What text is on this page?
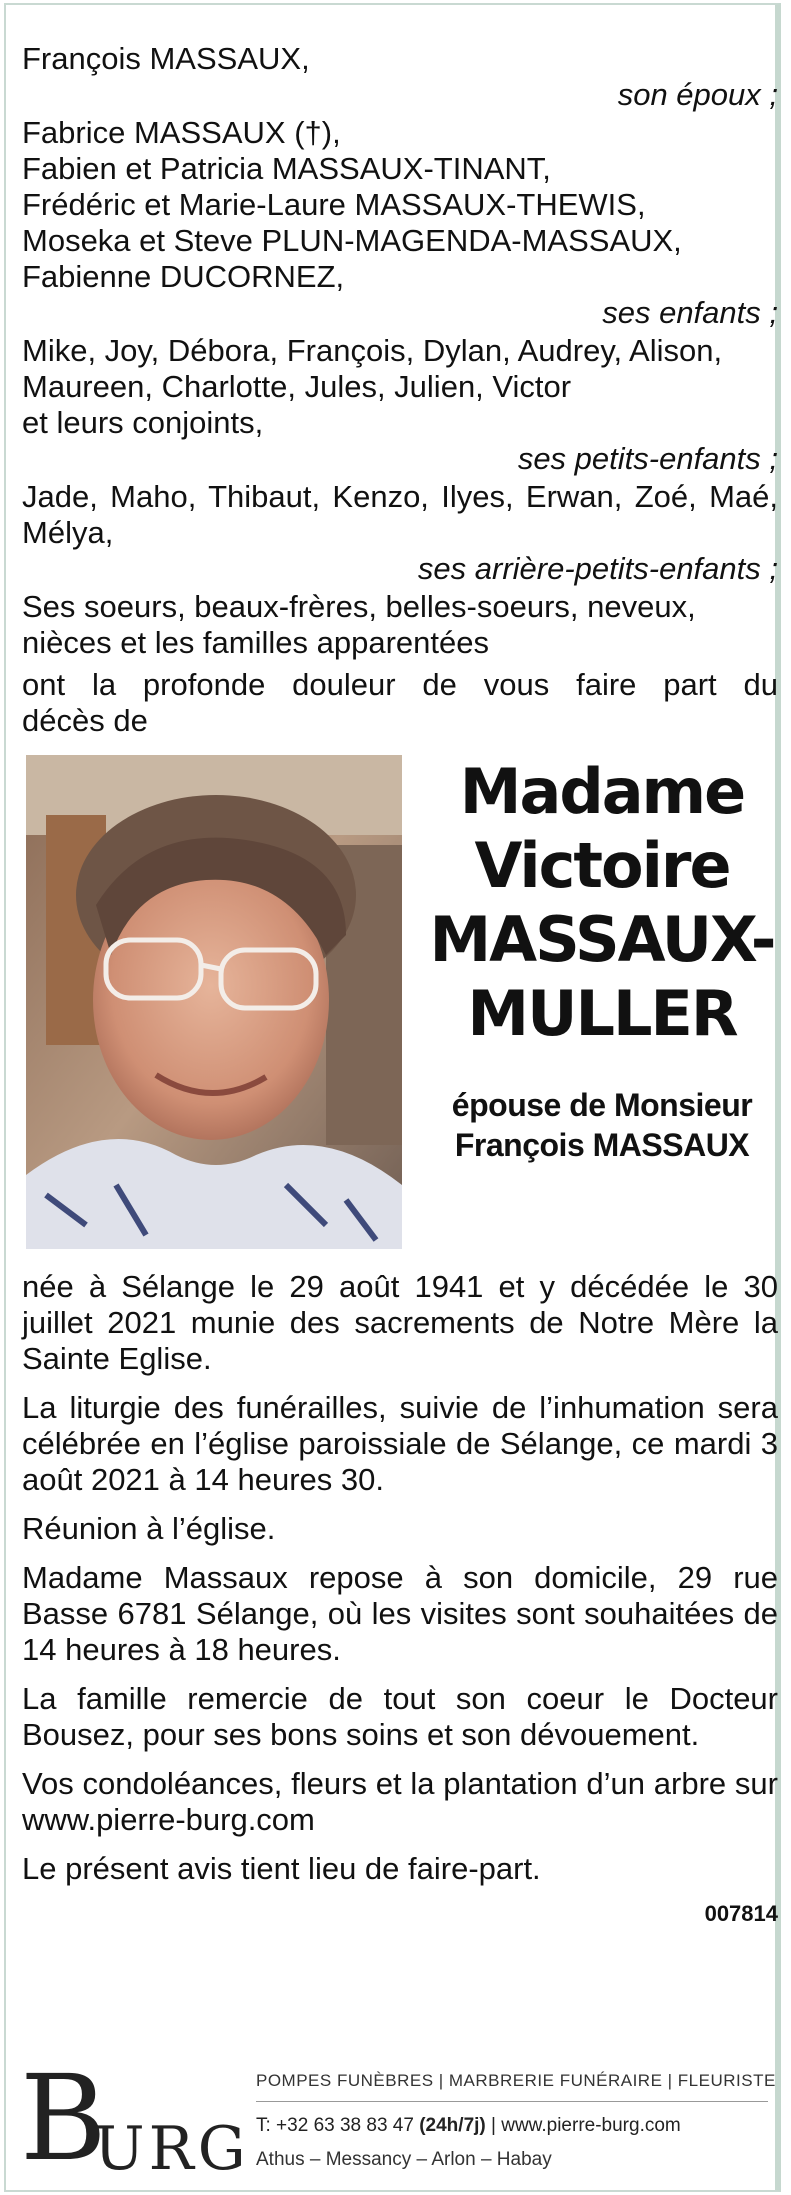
François MASSAUX,

son époux ;

Fabrice MASSAUX (†),

Fabien et Patricia MASSAUX-TINANT,

Frédéric et Marie-Laure MASSAUX-THEWIS,

Moseka et Steve PLUN-MAGENDA-MASSAUX,

Fabienne DUCORNEZ,

ses enfants ;

Mike, Joy, Débora, François, Dylan, Audrey, Alison,

Maureen, Charlotte, Jules, Julien, Victor

et leurs conjoints,

ses petits-enfants ;

Jade, Maho, Thibaut, Kenzo, Ilyes, Erwan, Zoé, Maé,

Mélya,

ses arrière-petits-enfants ;

Ses soeurs, beaux-frères, belles-soeurs, neveux,

nièces et les familles apparentées

ont la profonde douleur de vous faire part du

décès de

Madame
Victoire
MASSAUX-
MULLER
épouse de Monsieur
François MASSAUX

née à Sélange le 29 août 1941 et y décédée le 30 juillet 2021 munie des sacrements de Notre Mère la Sainte Eglise.

La liturgie des funérailles, suivie de l’inhumation sera célébrée en l’église paroissiale de Sélange, ce mardi 3 août 2021 à 14 heures 30.

Réunion à l’église.

Madame Massaux repose à son domicile, 29 rue Basse 6781 Sélange, où les visites sont souhaitées de 14 heures à 18 heures.

La famille remercie de tout son coeur le Docteur Bousez, pour ses bons soins et son dévouement.

Vos condoléances, fleurs et la plantation d’un arbre sur www.pierre-burg.com

Le présent avis tient lieu de faire-part.

007814

B
URG
POMPES FUNÈBRES | MARBRERIE FUNÉRAIRE | FLEURISTE
T: +32 63 38 83 47 (24h/7j) | www.pierre-burg.com
Athus – Messancy – Arlon – Habay
